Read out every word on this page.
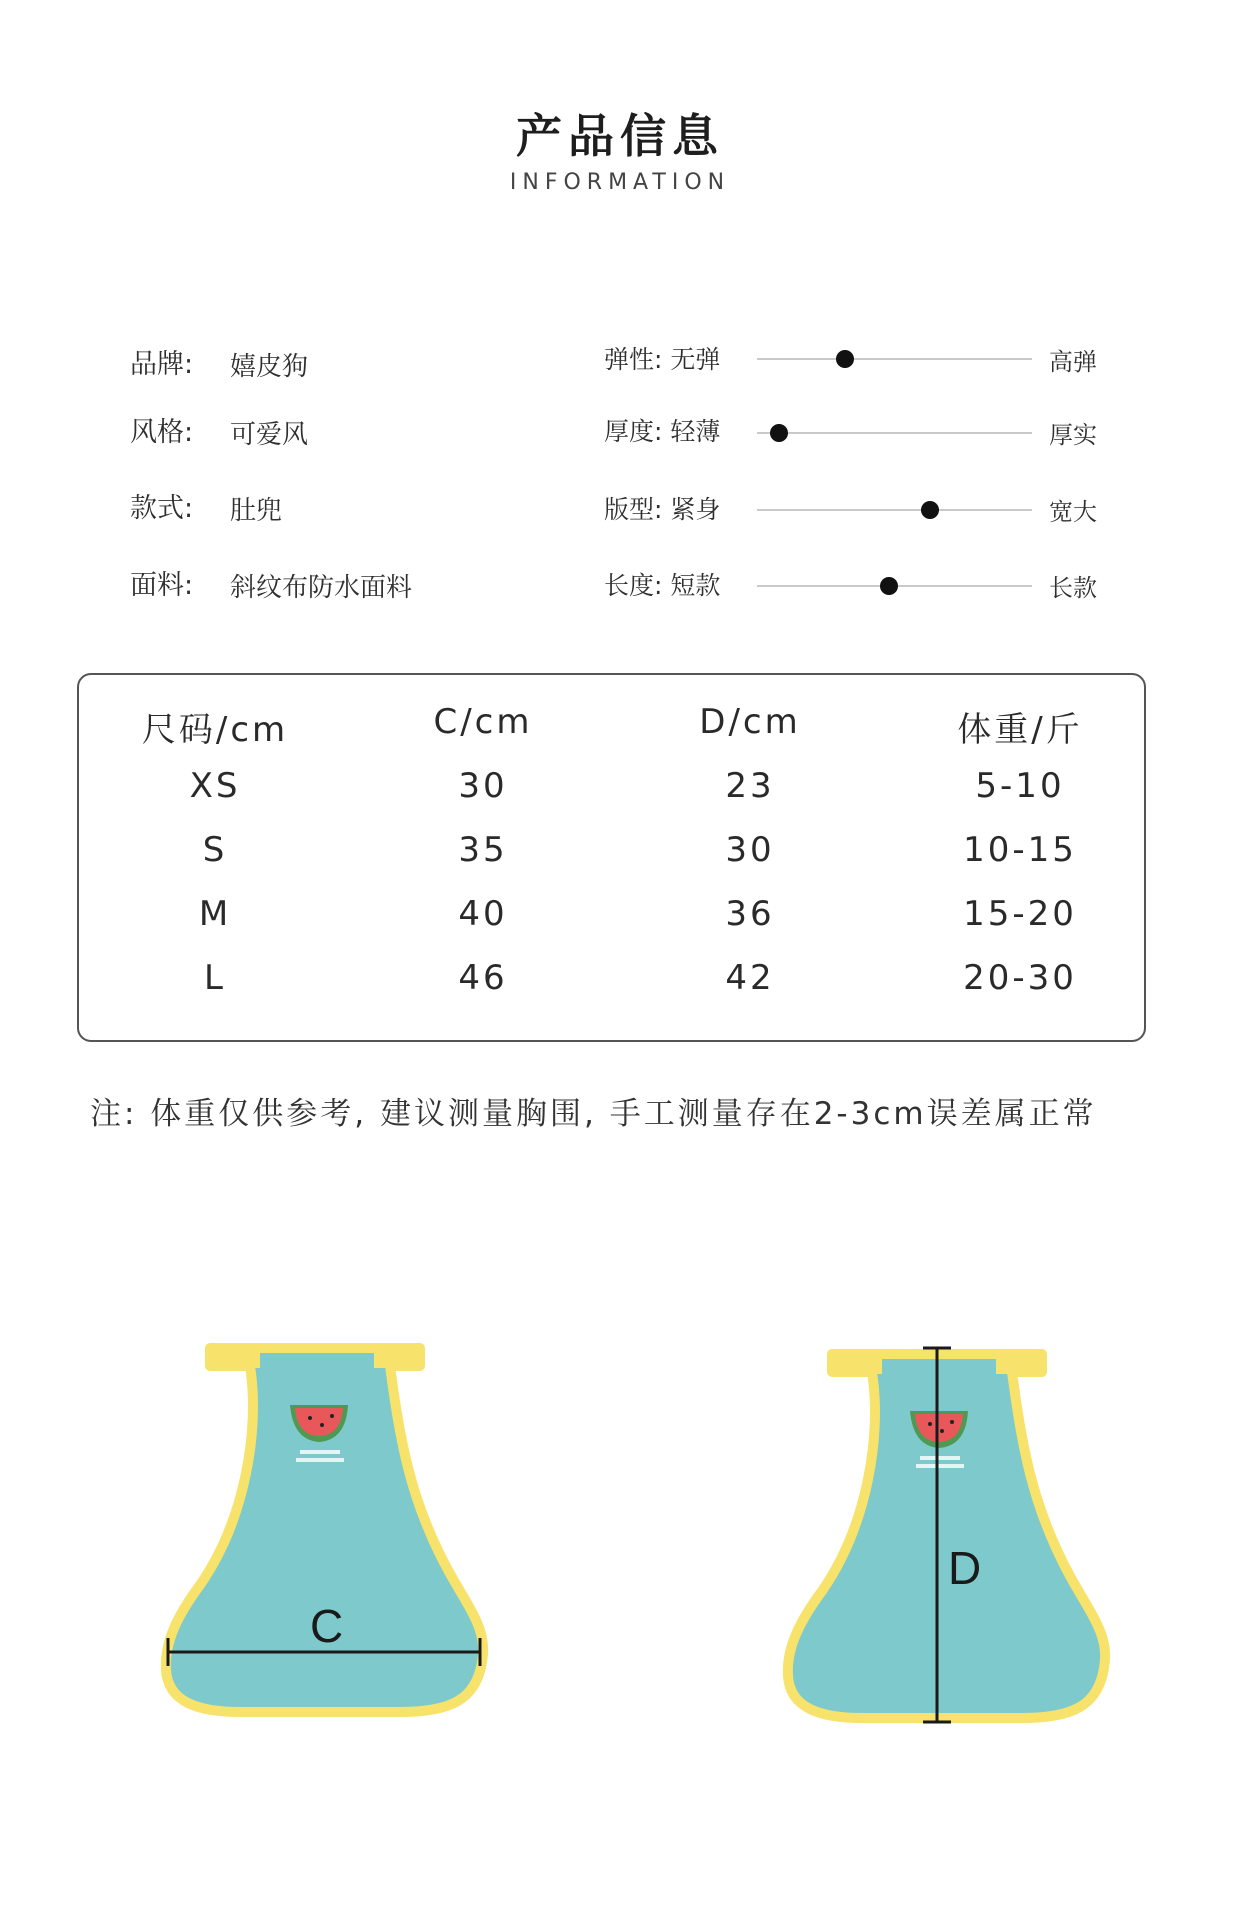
产品信息
INFORMATION
品牌: 嬉皮狗
风格: 可爱风
款式: 肚兜
面料: 斜纹布防水面料
弹性: 无弹	高弹
厚度: 轻薄	厚实
版型: 紧身	宽大
长度: 短款	长款
尺码/cm	C/cm	D/cm	体重/斤
XS	30	23	5-10
S	35	30	10-15
M	40	36	15-20
L	46	42	20-30
注: 体重仅供参考, 建议测量胸围, 手工测量存在2-3cm误差属正常
C
D
